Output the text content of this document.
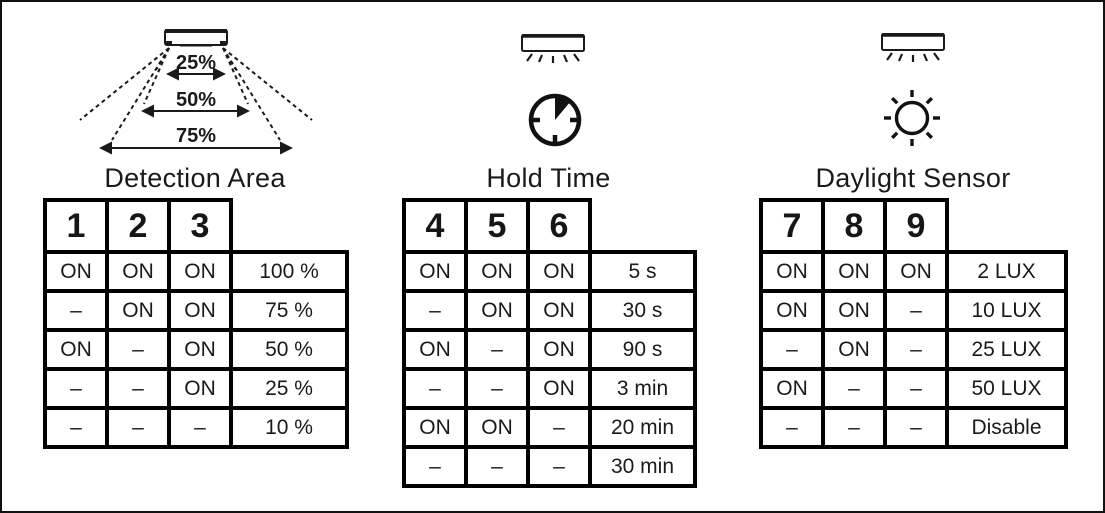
25%
50%
75%
Detection Area	Hold Time	Daylight Sensor
1	2	3	
ON	ON	ON	100 %
–	ON	ON	75 %
ON	–	ON	50 %
–	–	ON	25 %
–	–	–	10 %
4	5	6	
ON	ON	ON	5 s
–	ON	ON	30 s
ON	–	ON	90 s
–	–	ON	3 min
ON	ON	–	20 min
–	–	–	30 min
7	8	9	
ON	ON	ON	2 LUX
ON	ON	–	10 LUX
–	ON	–	25 LUX
ON	–	–	50 LUX
–	–	–	Disable
